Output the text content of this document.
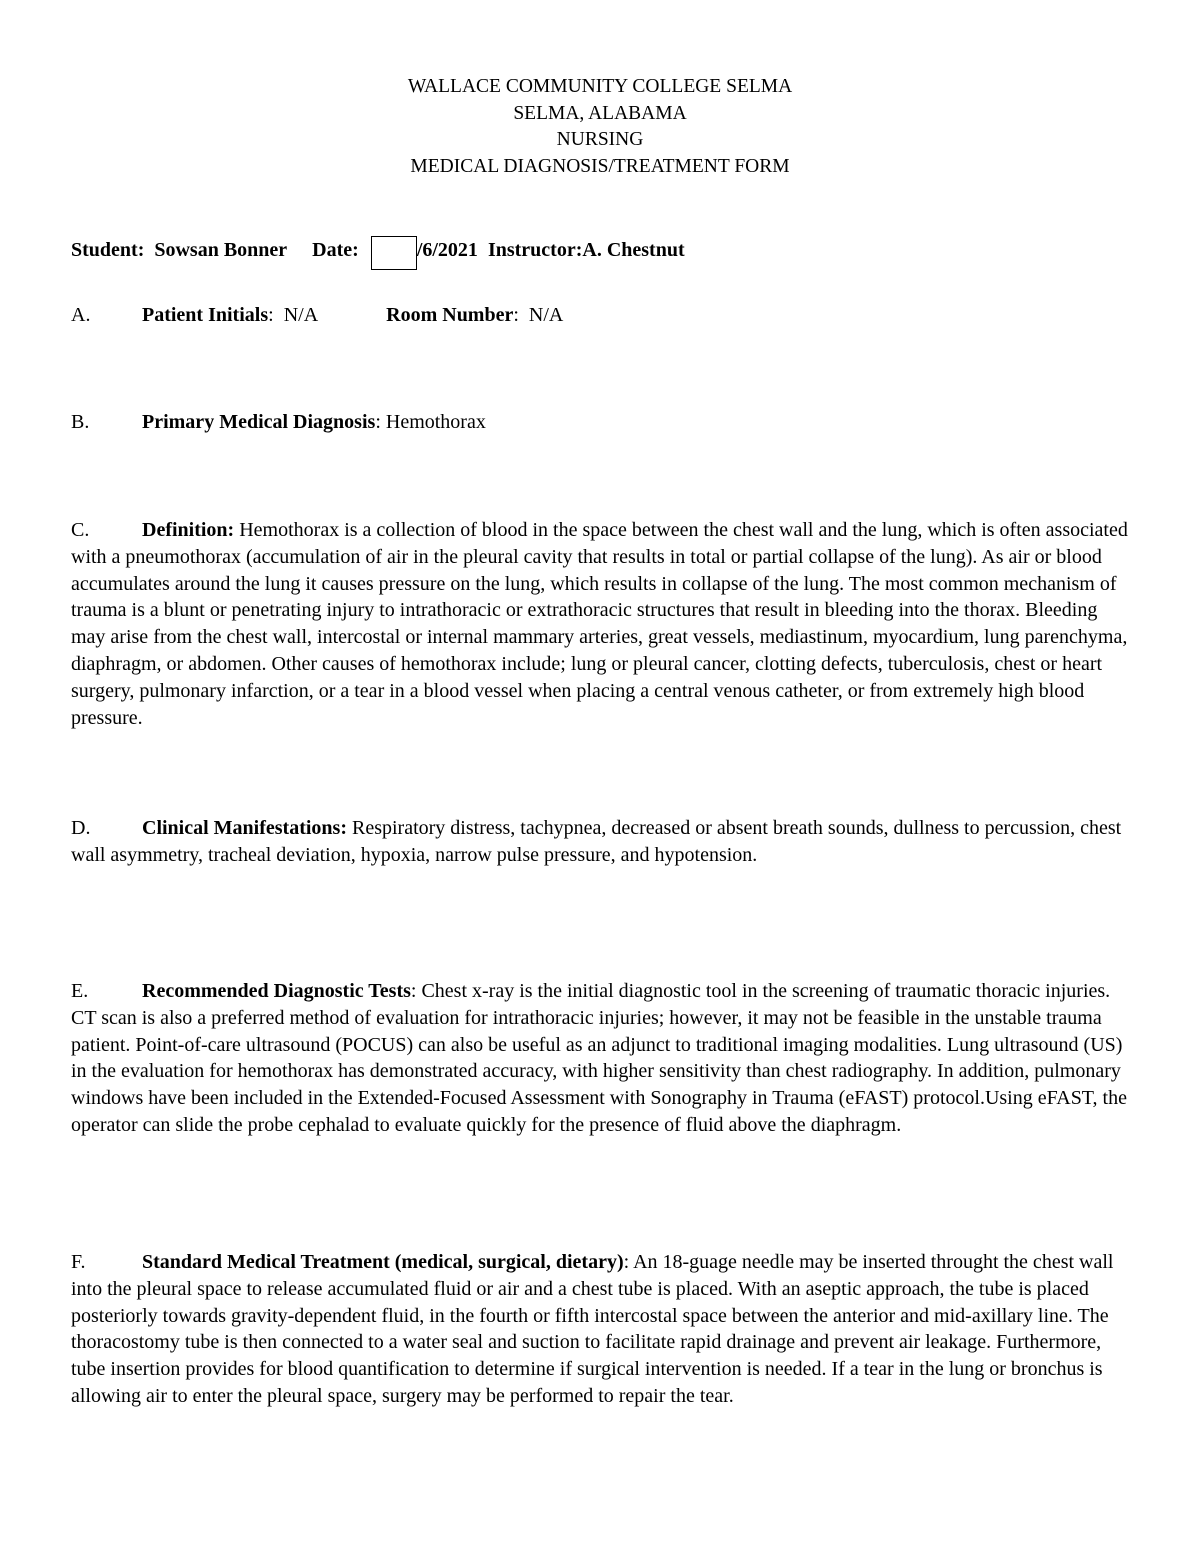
WALLACE COMMUNITY COLLEGE SELMA
SELMA, ALABAMA
NURSING
MEDICAL DIAGNOSIS/TREATMENT FORM
Student: Sowsan Bonner Date:	/6/2021 Instructor:A. Chestnut
A.	Patient Initials:  N/A	Room Number:  N/A
B.	Primary Medical Diagnosis: Hemothorax
C.	Definition: Hemothorax is a collection of blood in the space between the chest wall and the lung, which is often associated with a pneumothorax (accumulation of air in the pleural cavity that results in total or partial collapse of the lung). As air or blood accumulates around the lung it causes pressure on the lung, which results in collapse of the lung. The most common mechanism of trauma is a blunt or penetrating injury to intrathoracic or extrathoracic structures that result in bleeding into the thorax. Bleeding may arise from the chest wall, intercostal or internal mammary arteries, great vessels, mediastinum, myocardium, lung parenchyma, diaphragm, or abdomen. Other causes of hemothorax include; lung or pleural cancer, clotting defects, tuberculosis, chest or heart surgery, pulmonary infarction, or a tear in a blood vessel when placing a central venous catheter, or from extremely high blood pressure.
D.	Clinical Manifestations: Respiratory distress, tachypnea, decreased or absent breath sounds, dullness to percussion, chest wall asymmetry, tracheal deviation, hypoxia, narrow pulse pressure, and hypotension.
E.	Recommended Diagnostic Tests: Chest x-ray is the initial diagnostic tool in the screening of traumatic thoracic injuries. CT scan is also a preferred method of evaluation for intrathoracic injuries; however, it may not be feasible in the unstable trauma patient. Point-of-care ultrasound (POCUS) can also be useful as an adjunct to traditional imaging modalities. Lung ultrasound (US) in the evaluation for hemothorax has demonstrated accuracy, with higher sensitivity than chest radiography. In addition, pulmonary windows have been included in the Extended-Focused Assessment with Sonography in Trauma (eFAST) protocol.Using eFAST, the operator can slide the probe cephalad to evaluate quickly for the presence of fluid above the diaphragm.
F.	Standard Medical Treatment (medical, surgical, dietary): An 18-guage needle may be inserted throught the chest wall into the pleural space to release accumulated fluid or air and a chest tube is placed. With an aseptic approach, the tube is placed posteriorly towards gravity-dependent fluid, in the fourth or fifth intercostal space between the anterior and mid-axillary line. The thoracostomy tube is then connected to a water seal and suction to facilitate rapid drainage and prevent air leakage. Furthermore, tube insertion provides for blood quantification to determine if surgical intervention is needed. If a tear in the lung or bronchus is allowing air to enter the pleural space, surgery may be performed to repair the tear.
